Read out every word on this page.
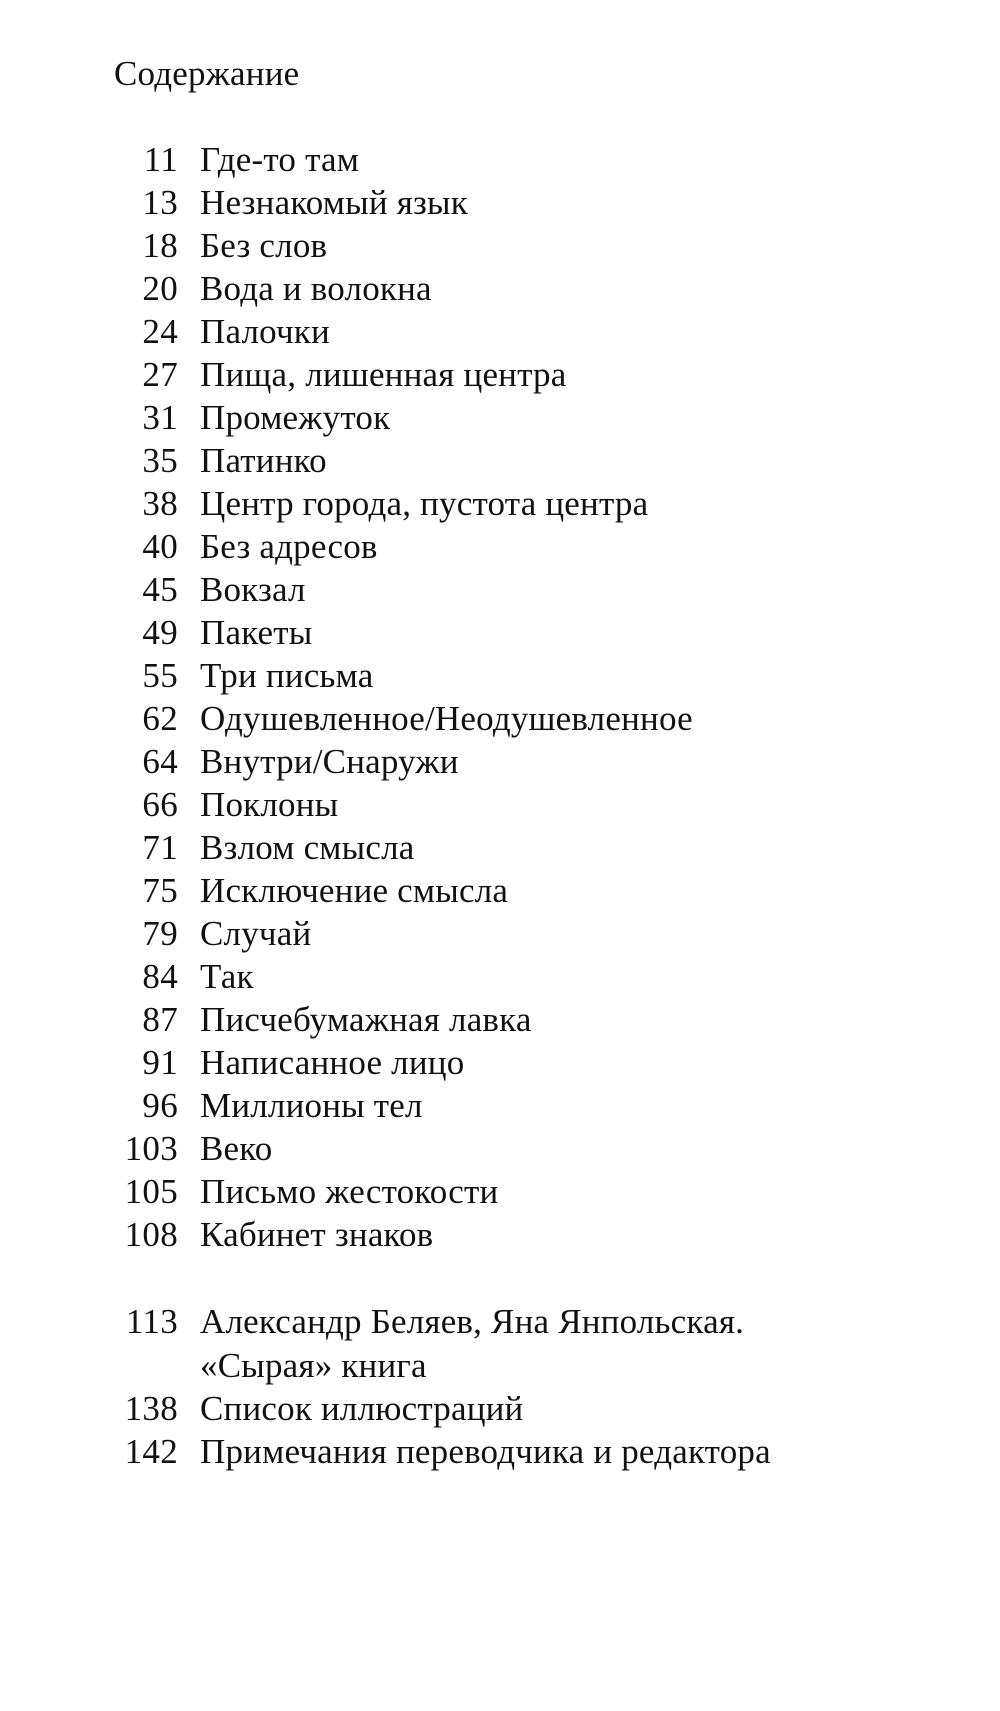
Содержание
11 Где-то там
13 Незнакомый язык
18 Без слов
20 Вода и волокна
24 Палочки
27 Пища, лишенная центра
31 Промежуток
35 Патинко
38 Центр города, пустота центра
40 Без адресов
45 Вокзал
49 Пакеты
55 Три письма
62 Одушевленное/Неодушевленное
64 Внутри/Снаружи
66 Поклоны
71 Взлом смысла
75 Исключение смысла
79 Случай
84 Так
87 Писчебумажная лавка
91 Написанное лицо
96 Миллионы тел
103 Веко
105 Письмо жестокости
108 Кабинет знаков
113 Александр Беляев, Яна Янпольская.
«Сырая» книга
138 Список иллюстраций
142 Примечания переводчика и редактора
